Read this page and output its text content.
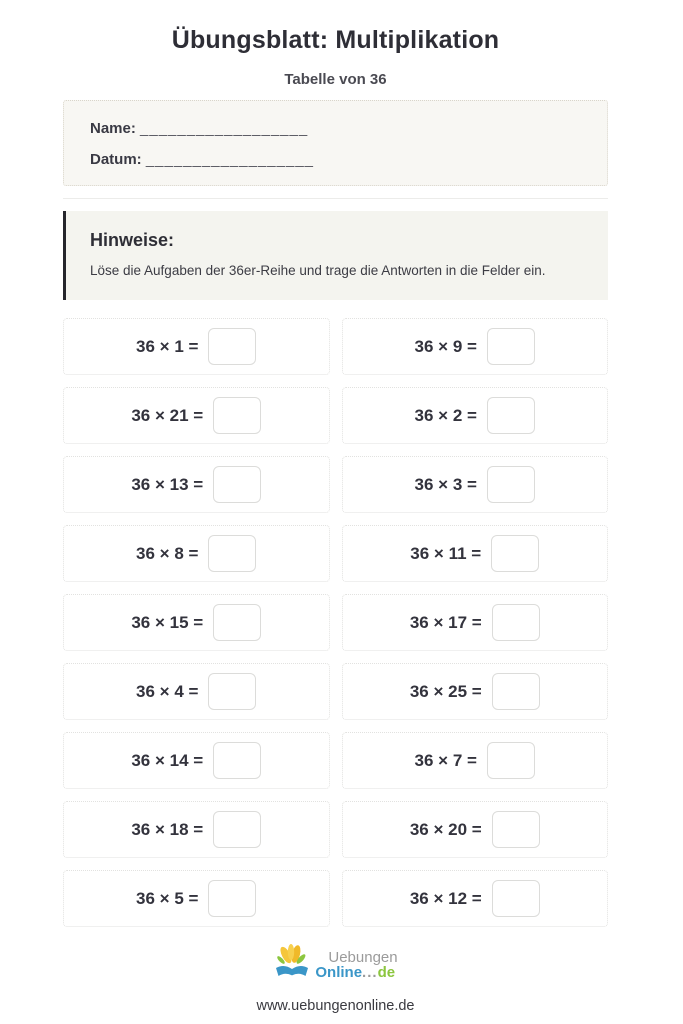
Übungsblatt: Multiplikation
Tabelle von 36
Name: __________________
Datum: __________________
Hinweise:
Löse die Aufgaben der 36er-Reihe und trage die Antworten in die Felder ein.
36 × 1 =	36 × 9 =
36 × 21 =	36 × 2 =
36 × 13 =	36 × 3 =
36 × 8 =	36 × 11 =
36 × 15 =	36 × 17 =
36 × 4 =	36 × 25 =
36 × 14 =	36 × 7 =
36 × 18 =	36 × 20 =
36 × 5 =	36 × 12 =
Uebungen
Online...de
www.uebungenonline.de
